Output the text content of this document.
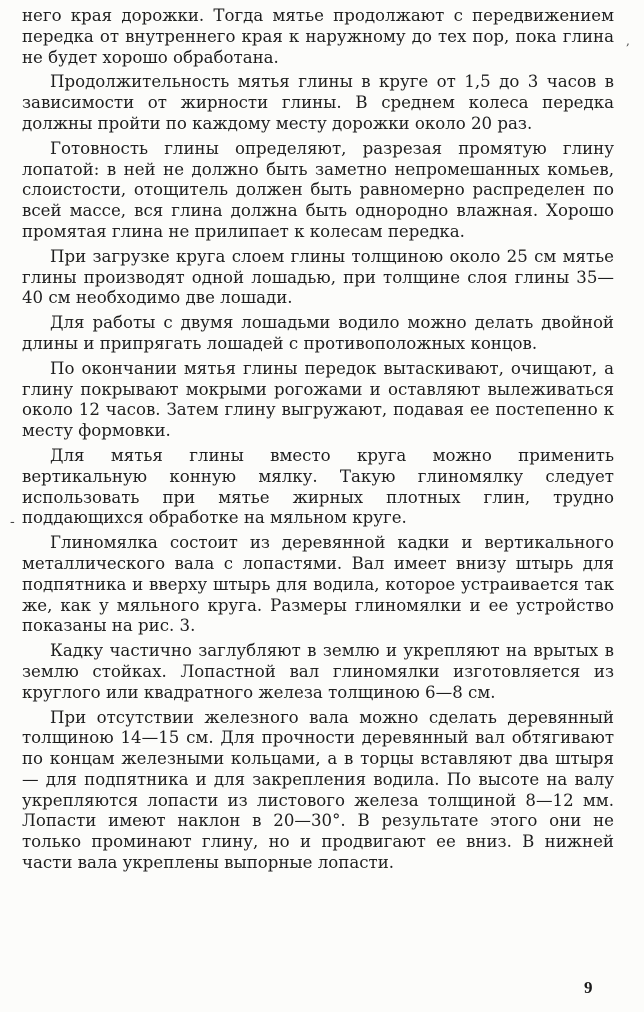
него края дорожки. Тогда мятье продолжают с передвижением передка от внутреннего края к наружному до тех пор, пока глина не будет хорошо обработана.

Продолжительность мятья глины в круге от 1,5 до 3 часов в зависимости от жирности глины. В среднем колеса передка должны пройти по каждому месту дорожки около 20 раз.

Готовность глины определяют, разрезая промятую глину лопатой: в ней не должно быть заметно непромешанных комьев, слоистости, отощитель должен быть равномерно распределен по всей массе, вся глина должна быть однородно влажная. Хорошо промятая глина не прилипает к колесам передка.

При загрузке круга слоем глины толщиною около 25 см мятье глины производят одной лошадью, при толщине слоя глины 35—40 см необходимо две лошади.

Для работы с двумя лошадьми водило можно делать двойной длины и припрягать лошадей с противоположных концов.

По окончании мятья глины передок вытаскивают, очищают, а глину покрывают мокрыми рогожами и оставляют вылеживаться около 12 часов. Затем глину выгружают, подавая ее постепенно к месту формовки.

Для мятья глины вместо круга можно применить вертикальную конную мялку. Такую глиномялку следует использовать при мятье жирных плотных глин, трудно поддающихся обработке на мяльном круге.

Глиномялка состоит из деревянной кадки и вертикального металлического вала с лопастями. Вал имеет внизу штырь для подпятника и вверху штырь для водила, которое устраивается так же, как у мяльного круга. Размеры глиномялки и ее устройство показаны на рис. 3.

Кадку частично заглубляют в землю и укрепляют на врытых в землю стойках. Лопастной вал глиномялки изготовляется из круглого или квадратного железа толщиною 6—8 см.

При отсутствии железного вала можно сделать деревянный толщиною 14—15 см. Для прочности деревянный вал обтягивают по концам железными кольцами, а в торцы вставляют два штыря — для подпятника и для закрепления водила. По высоте на валу укрепляются лопасти из листового железа толщиной 8—12 мм. Лопасти имеют наклон в 20—30°. В результате этого они не только проминают глину, но и продвигают ее вниз. В нижней части вала укреплены выпорные лопасти.

,
-
9
